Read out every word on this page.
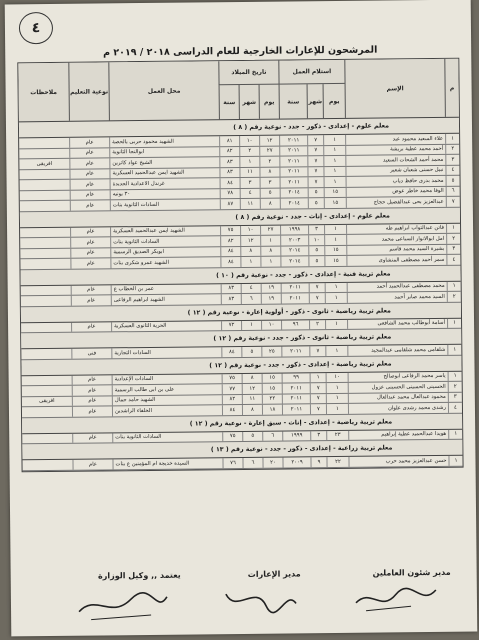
٤
المرشحون للإعارات الخارجية للعام الدراسى ٢٠١٨ / ٢٠١٩ م
م
الإسم
استلام العمل
يوم
شهر
سنة
تاريخ الميلاد
يوم
شهر
سنة
محل العمل
نوعية التعليم
ملاحظات
معلم علوم - إعدادى - ذكور - جدد - نوعية رقم ( ٨ )
١
علاء السعيد محمود عبد
١
٧
٢٠١١
١٢
١٠
٨١
الشهيد محمود حربى بالحصة
عام
٢
أحمد محمد عطية بريشة
١
٧
٢٠١١
٢٧
٢
٨٢
ابوالنجا الثانوية
عام
٣
محمد أحمد الشحات السعيد
١
٧
٢٠١١
٢
١
٨٣
الشيخ عواد كاترين
عام
افريقى
٤
نبيل حسنى شعبان شعير
١
٧
٢٠١١
٨
١١
٨٣
الشهيد ايمن عبدالحميد العسكرية
عام
٥
محمد بدرى حافظ دياب
١
٧
٢٠١١
٣
٣
٨٤
غرندل الاعدادية الجديدة
عام
٦
الوفا محمد خاطر عوض
١٥
٥
٢٠١٤
٥
٤
٧٨
٣٠ يونيه
عام
٧
عبدالعزيز بحى عبدالفضيل حجاج
١٥
٥
٢٠١٤
٨
١١
٨٧
السادات الثانوية بنات
عام
معلم علوم - إعدادى - إناث - جدد - نوعية رقم ( ٨ )
١
فاتن عبدالتواب ابراهيم طه
١
٣
١٩٩٨
٢٧
١٠
٧٥
الشهيد ايمن عبدالحميد العسكرية
عام
٢
امل ابوالانوار السباعى محمد
١
١٠
٢٠٠٣
١
١٢
٨٢
السادات الثانوية بنات
عام
٣
بشيرة السيد محمد قاسم
١٥
٥
٢٠١٤
٨
٨
٨٤
ابوبكر الصديق الرسمية
عام
٤
سمر أحمد مصطفى المنشاوى
١٥
٥
٢٠١٤
١
١
٨٤
الشهيد عمرو شكرى بنات
عام
معلم تربية فنية - إعدادى - ذكور - جدد - نوعية رقم ( ١٠ )
١
محمد مصطفى عبدالحميد أحمد
١
٧
٢٠١١
١٩
٤
٨٣
عمر بن الخطاب ع
عام
٢
السيد محمد صابر أحمد
١
٧
٢٠١١
١٩
٦
٨٣
الشهيد ابراهيم الرفاعى
عام
معلم تربية رياضية - ثانوى - ذكور - أولوية إعارة - نوعية رقم ( ١٢ )
١
أسامة أبوطالب محمد الشافعى
١
٢
٩٦
١٠
١
٧٢
الحرية الثانوى العسكرية
عام
معلم تربية رياضية - ثانوى - ذكور - جدد - نوعية رقم ( ١٢ )
١
شلقامى محمد شلقامى عبدالمجيد
١
٧
٢٠١١
٢٥
٥
٨٤
السادات التجارية
فنى
معلم تربية رياضية - إعدادى - ذكور - جدد - نوعية رقم ( ١٢ )
١
ياسر محمد الرفاعى ابوصالح
١٠
١
٩٩
١٥
٨
٧٥
السادات الإعدادية
عام
٢
الحسينى الحسينى الحسينى عزول
١
٧
٢٠١١
١٥
١٢
٧٧
على بن ابى طالب الرسمية
عام
٣
محمود عبدالعال محمد عبدالعال
١
٧
٢٠١١
٢٢
١١
٨٢
الشهيد حامد جمال
عام
افريقى
٤
رشدى محمد رشدى علوان
١
٧
٢٠١١
١٨
٨
٨٤
الخلفاء الراشدين
عام
معلم تربية رياضية - إعدادى - إناث - سبق إعارة - نوعية رقم ( ١٢ )
١
هويدا عبدالحميد عطية إبراهيم
٢٣
٣
١٩٩٩
٦
٥
٧٥
السادات الثانوية بنات
عام
معلم تربية زراعية - إعدادى - ذكور - جدد - نوعية رقم ( ١٣ )
١
حسن عبدالعزيز محمد حرب
٢٢
٩
٢٠٠٩
٢٠
٦
٧٦
السيدة خديجة ام المؤمنين ع بنات
عام
مدير شئون العاملين
مدير الإعارات
يعتمد ,, وكيل الوزارة
